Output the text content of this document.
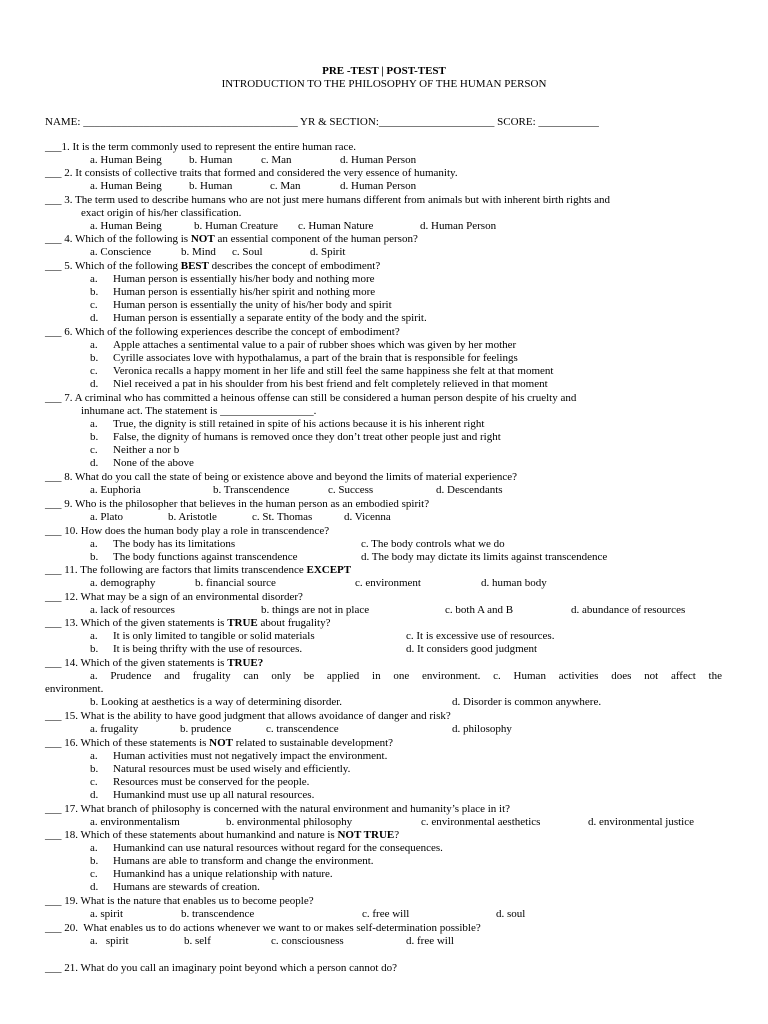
PRE -TEST | POST-TEST
INTRODUCTION TO THE PHILOSOPHY OF THE HUMAN PERSON
NAME: _______________________________________ YR & SECTION:_____________________ SCORE: ___________
___1. It is the term commonly used to represent the entire human race.
a. Human Being b. Human	c. Man	d. Human Person
___ 2. It consists of collective traits that formed and considered the very essence of humanity.
a. Human Being b. Human	c. Man	d. Human Person
___ 3. The term used to describe humans who are not just mere humans different from animals but with inherent birth rights and
exact origin of his/her classification.
a. Human Being	b. Human Creature c. Human Nature	d. Human Person
___ 4. Which of the following is NOT an essential component of the human person?
a. Conscience	b. Mind c. Soul	d. Spirit
___ 5. Which of the following BEST describes the concept of embodiment?
a. Human person is essentially his/her body and nothing more
b. Human person is essentially his/her spirit and nothing more
c. Human person is essentially the unity of his/her body and spirit
d. Human person is essentially a separate entity of the body and the spirit.
___ 6. Which of the following experiences describe the concept of embodiment?
a. Apple attaches a sentimental value to a pair of rubber shoes which was given by her mother
b. Cyrille associates love with hypothalamus, a part of the brain that is responsible for feelings
c. Veronica recalls a happy moment in her life and still feel the same happiness she felt at that moment
d. Niel received a pat in his shoulder from his best friend and felt completely relieved in that moment
___ 7. A criminal who has committed a heinous offense can still be considered a human person despite of his cruelty and
inhumane act. The statement is _________________.
a. True, the dignity is still retained in spite of his actions because it is his inherent right
b. False, the dignity of humans is removed once they don’t treat other people just and right
c. Neither a nor b
d. None of the above
___ 8. What do you call the state of being or existence above and beyond the limits of material experience?
a. Euphoria	b. Transcendence	c. Success	d. Descendants
___ 9. Who is the philosopher that believes in the human person as an embodied spirit?
a. Plato	b. Aristotle	c. St. Thomas	d. Vicenna
___ 10. How does the human body play a role in transcendence?
a. The body has its limitations	c. The body controls what we do
b. The body functions against transcendence	d. The body may dictate its limits against transcendence
___ 11. The following are factors that limits transcendence EXCEPT
a. demography	b. financial source	c. environment	d. human body
___ 12. What may be a sign of an environmental disorder?
a. lack of resources	b. things are not in place	c. both A and B	d. abundance of resources
___ 13. Which of the given statements is TRUE about frugality?
a. It is only limited to tangible or solid materials	c. It is excessive use of resources.
b. It is being thrifty with the use of resources.	d. It considers good judgment
___ 14. Which of the given statements is TRUE?
a. Prudence and frugality can only be applied in one environment. c. Human activities does not affect the
environment.
b. Looking at aesthetics is a way of determining disorder.	d. Disorder is common anywhere.
___ 15. What is the ability to have good judgment that allows avoidance of danger and risk?
a. frugality	b. prudence	c. transcendence	d. philosophy
___ 16. Which of these statements is NOT related to sustainable development?
a. Human activities must not negatively impact the environment.
b. Natural resources must be used wisely and efficiently.
c. Resources must be conserved for the people.
d. Humankind must use up all natural resources.
___ 17. What branch of philosophy is concerned with the natural environment and humanity’s place in it?
a. environmentalism	b. environmental philosophy	c. environmental aesthetics	d. environmental justice
___ 18. Which of these statements about humankind and nature is NOT TRUE?
a. Humankind can use natural resources without regard for the consequences.
b. Humans are able to transform and change the environment.
c. Humankind has a unique relationship with nature.
d. Humans are stewards of creation.
___ 19. What is the nature that enables us to become people?
a. spirit	b. transcendence	c. free will	d. soul
___ 20.  What enables us to do actions whenever we want to or makes self-determination possible?
a.   spirit	b. self	c. consciousness	d. free will
___ 21. What do you call an imaginary point beyond which a person cannot do?
